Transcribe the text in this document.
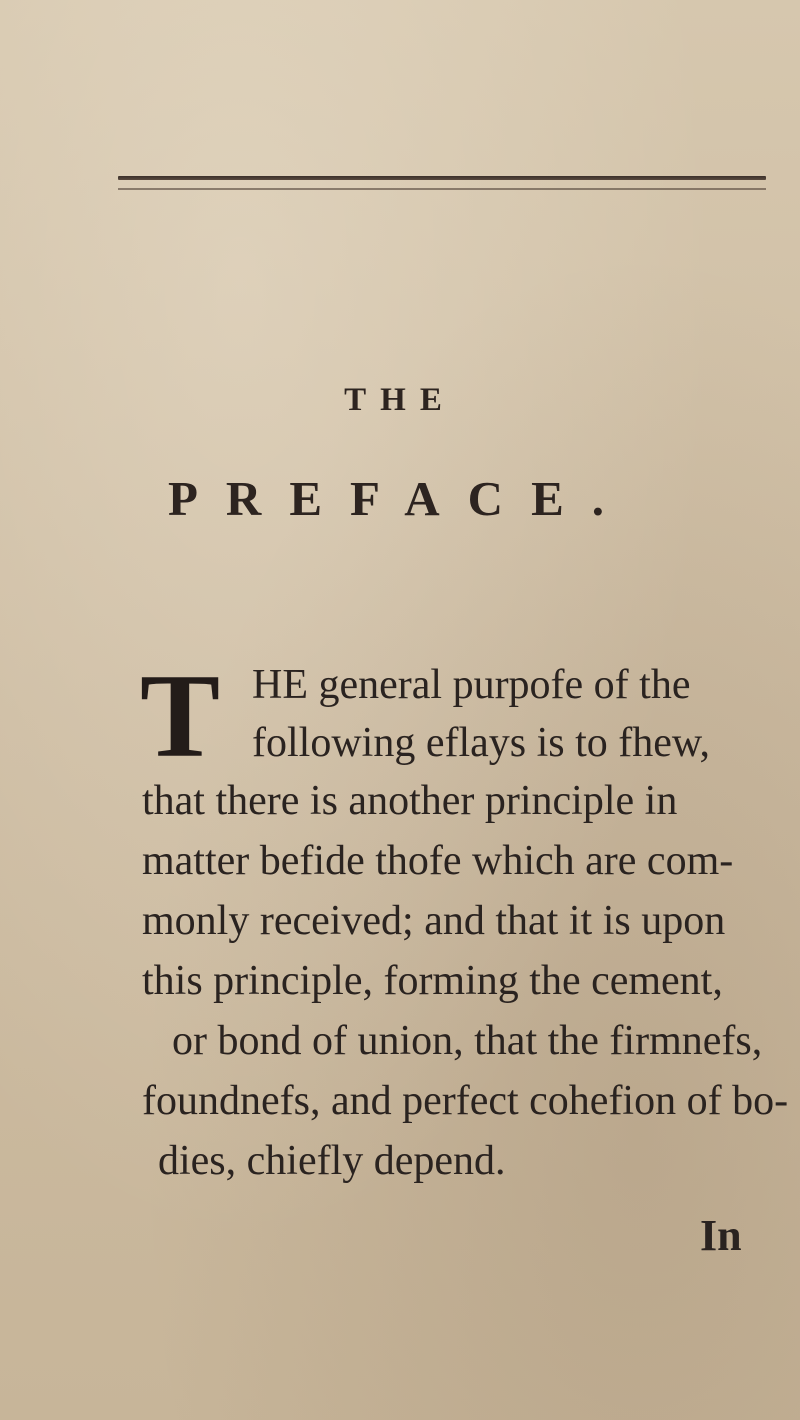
THE
PREFACE.
T HE general purpofe of the
following eflays is to fhew,
that there is another principle in
matter befide thofe which are com-
monly received; and that it is upon
this principle, forming the cement,
or bond of union, that the firmnefs,
foundnefs, and perfect cohefion of bo-
dies, chiefly depend.
In
